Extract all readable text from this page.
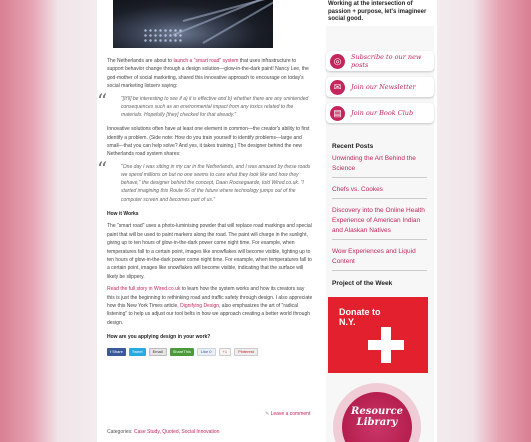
The Netherlands are about to launch a "smart road" system that uses infrastructure to support behavior change through a design solution—glow-in-the-dark paint! Nancy Lee, the god-mother of social marketing, shared this innovative approach to encourage on today's social marketing listserv saying:

“	"[It'll] be interesting to see if a) it is effective and b) whether there are any unintended consequences such as an environmental impact from any toxics related to the materials. Hopefully [they] checked for that already."

Innovative solutions often have at least one element in common—the creator's ability to first identify a problem. (Side note: How do you train yourself to identify problems—large and small—that you can help solve? And yes, it takes training.) The designer behind the new Netherlands road system shares:

“	"One day I was sitting in my car in the Netherlands, and I was amazed by these roads we spend millions on but no one seems to care what they look like and how they behave," the designer behind the concept, Daan Roosegaarde, told Wired.co.uk. "I started imagining this Route 66 of the future where technology jumps out of the computer screen and becomes part of us."
How it Works

The "smart road" uses a photo-luminising powder that will replace road markings and special paint that will be used to paint markers along the road. The paint will charge in the sunlight, giving up to ten hours of glow-in-the-dark power come night time. For example, when temperatures fall to a certain point, images like snowflakes will become visible, lighting up to ten hours of glow-in-the-dark power come night time. For example, when temperatures fall to a certain point, images like snowflakes will become visible, indicating that the surface will likely be slippery.

Read the full story in Wired.co.uk to learn how the system works and how its creators say this is just the beginning to rethinking road and traffic safety through design. I also appreciate how this New York Times article, Dignifying Design, also emphasizes the art of "radical listening" to help us adjust our tool belts in how we approach creating a better world through design.

How are you applying design in your work?
f Share	Tweet	Email	ShareThis	Like 0	+1	Pinterest
Categories: Case Study, Quoted, Social Innovation
✎ Leave a comment
Working at the intersection of passion + purpose, let's imagineer social good.
◎	Subscribe to our new posts
✉	Join our Newsletter
▤	Join our Book Club
Recent Posts
Unwinding the Art Behind the Science
Chefs vs. Cookes
Discovery into the Online Health Experience of American Indian and Alaskan Natives
Wow Experiences and Liquid Content
Project of the Week
Donate to N.Y.
Resource Library
